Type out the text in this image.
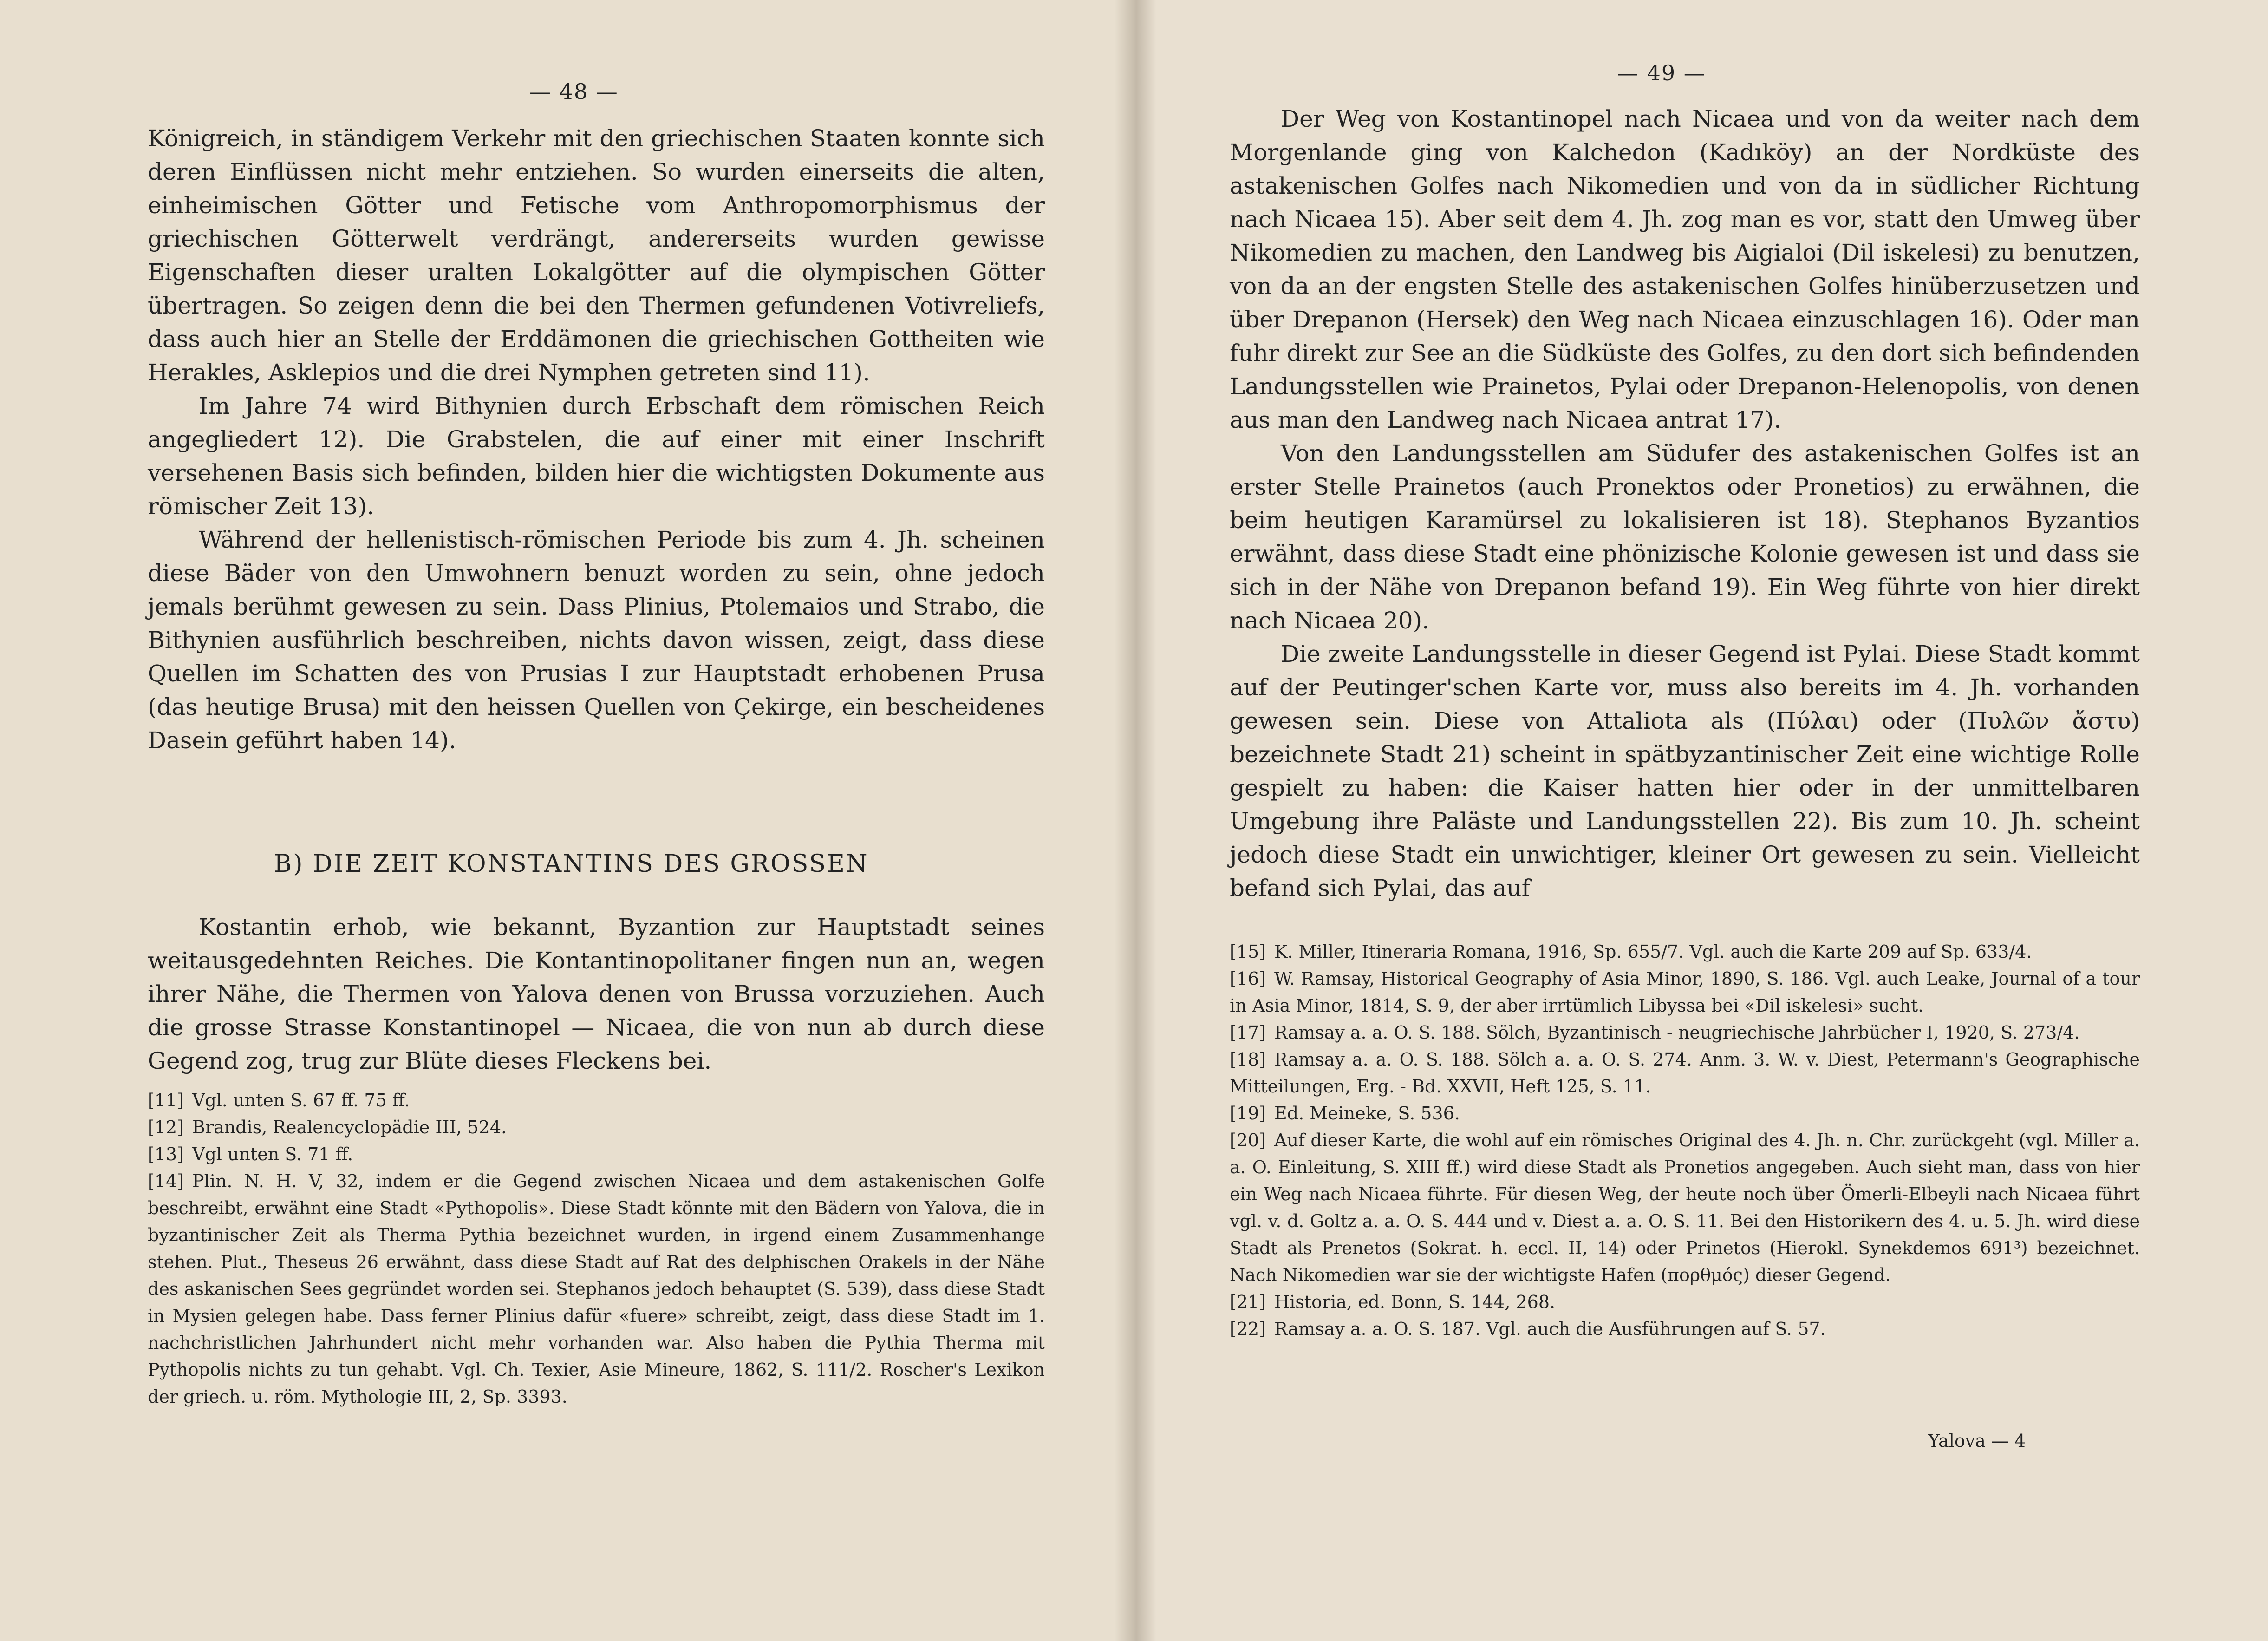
— 48 —

Königreich, in ständigem Verkehr mit den griechischen Staaten konnte sich deren Einflüssen nicht mehr entziehen. So wurden einerseits die alten, einheimischen Götter und Fetische vom Anthropomorphismus der griechischen Götterwelt verdrängt, andererseits wurden gewisse Eigenschaften dieser uralten Lokalgötter auf die olympischen Götter übertragen. So zeigen denn die bei den Thermen gefundenen Votivreliefs, dass auch hier an Stelle der Erddämonen die griechischen Gottheiten wie Herakles, Asklepios und die drei Nymphen getreten sind 11).

Im Jahre 74 wird Bithynien durch Erbschaft dem römischen Reich angegliedert 12). Die Grabstelen, die auf einer mit einer Inschrift versehenen Basis sich befinden, bilden hier die wichtigsten Dokumente aus römischer Zeit 13).

Während der hellenistisch-römischen Periode bis zum 4. Jh. scheinen diese Bäder von den Umwohnern benuzt worden zu sein, ohne jedoch jemals berühmt gewesen zu sein. Dass Plinius, Ptolemaios und Strabo, die Bithynien ausführlich beschreiben, nichts davon wissen, zeigt, dass diese Quellen im Schatten des von Prusias I zur Hauptstadt erhobenen Prusa (das heutige Brusa) mit den heissen Quellen von Çekirge, ein bescheidenes Dasein geführt haben 14).

B) DIE ZEIT KONSTANTINS DES GROSSEN

Kostantin erhob, wie bekannt, Byzantion zur Hauptstadt seines weitausgedehnten Reiches. Die Kontantinopolitaner fingen nun an, wegen ihrer Nähe, die Thermen von Yalova denen von Brussa vorzuziehen. Auch die grosse Strasse Konstantinopel — Nicaea, die von nun ab durch diese Gegend zog, trug zur Blüte dieses Fleckens bei.

[11] Vgl. unten S. 67 ff. 75 ff.

[12] Brandis, Realencyclopädie III, 524.

[13] Vgl unten S. 71 ff.

[14] Plin. N. H. V, 32, indem er die Gegend zwischen Nicaea und dem astakenischen Golfe beschreibt, erwähnt eine Stadt «Pythopolis». Diese Stadt könnte mit den Bädern von Yalova, die in byzantinischer Zeit als Therma Pythia bezeichnet wurden, in irgend einem Zusammenhange stehen. Plut., Theseus 26 erwähnt, dass diese Stadt auf Rat des delphischen Orakels in der Nähe des askanischen Sees gegründet worden sei. Stephanos jedoch behauptet (S. 539), dass diese Stadt in Mysien gelegen habe. Dass ferner Plinius dafür «fuere» schreibt, zeigt, dass diese Stadt im 1. nachchristlichen Jahrhundert nicht mehr vorhanden war. Also haben die Pythia Therma mit Pythopolis nichts zu tun gehabt. Vgl. Ch. Texier, Asie Mineure, 1862, S. 111/2. Roscher's Lexikon der griech. u. röm. Mythologie III, 2, Sp. 3393.

— 49 —

Der Weg von Kostantinopel nach Nicaea und von da weiter nach dem Morgenlande ging von Kalchedon (Kadıköy) an der Nordküste des astakenischen Golfes nach Nikomedien und von da in südlicher Richtung nach Nicaea 15). Aber seit dem 4. Jh. zog man es vor, statt den Umweg über Nikomedien zu machen, den Landweg bis Aigialoi (Dil iskelesi) zu benutzen, von da an der engsten Stelle des astakenischen Golfes hinüberzusetzen und über Drepanon (Hersek) den Weg nach Nicaea einzuschlagen 16). Oder man fuhr direkt zur See an die Südküste des Golfes, zu den dort sich befindenden Landungsstellen wie Prainetos, Pylai oder Drepanon-Helenopolis, von denen aus man den Landweg nach Nicaea antrat 17).

Von den Landungsstellen am Südufer des astakenischen Golfes ist an erster Stelle Prainetos (auch Pronektos oder Pronetios) zu erwähnen, die beim heutigen Karamürsel zu lokalisieren ist 18). Stephanos Byzantios erwähnt, dass diese Stadt eine phönizische Kolonie gewesen ist und dass sie sich in der Nähe von Drepanon befand 19). Ein Weg führte von hier direkt nach Nicaea 20).

Die zweite Landungsstelle in dieser Gegend ist Pylai. Diese Stadt kommt auf der Peutinger'schen Karte vor, muss also bereits im 4. Jh. vorhanden gewesen sein. Diese von Attaliota als (Πύλαι) oder (Πυλῶν ἄστυ) bezeichnete Stadt 21) scheint in spätbyzantinischer Zeit eine wichtige Rolle gespielt zu haben: die Kaiser hatten hier oder in der unmittelbaren Umgebung ihre Paläste und Landungsstellen 22). Bis zum 10. Jh. scheint jedoch diese Stadt ein unwichtiger, kleiner Ort gewesen zu sein. Vielleicht befand sich Pylai, das auf

[15] K. Miller, Itineraria Romana, 1916, Sp. 655/7. Vgl. auch die Karte 209 auf Sp. 633/4.

[16] W. Ramsay, Historical Geography of Asia Minor, 1890, S. 186. Vgl. auch Leake, Journal of a tour in Asia Minor, 1814, S. 9, der aber irrtümlich Libyssa bei «Dil iskelesi» sucht.

[17] Ramsay a. a. O. S. 188. Sölch, Byzantinisch - neugriechische Jahrbücher I, 1920, S. 273/4.

[18] Ramsay a. a. O. S. 188. Sölch a. a. O. S. 274. Anm. 3. W. v. Diest, Petermann's Geographische Mitteilungen, Erg. - Bd. XXVII, Heft 125, S. 11.

[19] Ed. Meineke, S. 536.

[20] Auf dieser Karte, die wohl auf ein römisches Original des 4. Jh. n. Chr. zurückgeht (vgl. Miller a. a. O. Einleitung, S. XIII ff.) wird diese Stadt als Pronetios angegeben. Auch sieht man, dass von hier ein Weg nach Nicaea führte. Für diesen Weg, der heute noch über Ömerli-Elbeyli nach Nicaea führt vgl. v. d. Goltz a. a. O. S. 444 und v. Diest a. a. O. S. 11. Bei den Historikern des 4. u. 5. Jh. wird diese Stadt als Prenetos (Sokrat. h. eccl. II, 14) oder Prinetos (Hierokl. Synekdemos 691³) bezeichnet. Nach Nikomedien war sie der wichtigste Hafen (πορθμός) dieser Gegend.

[21] Historia, ed. Bonn, S. 144, 268.

[22] Ramsay a. a. O. S. 187. Vgl. auch die Ausführungen auf S. 57.

Yalova — 4
